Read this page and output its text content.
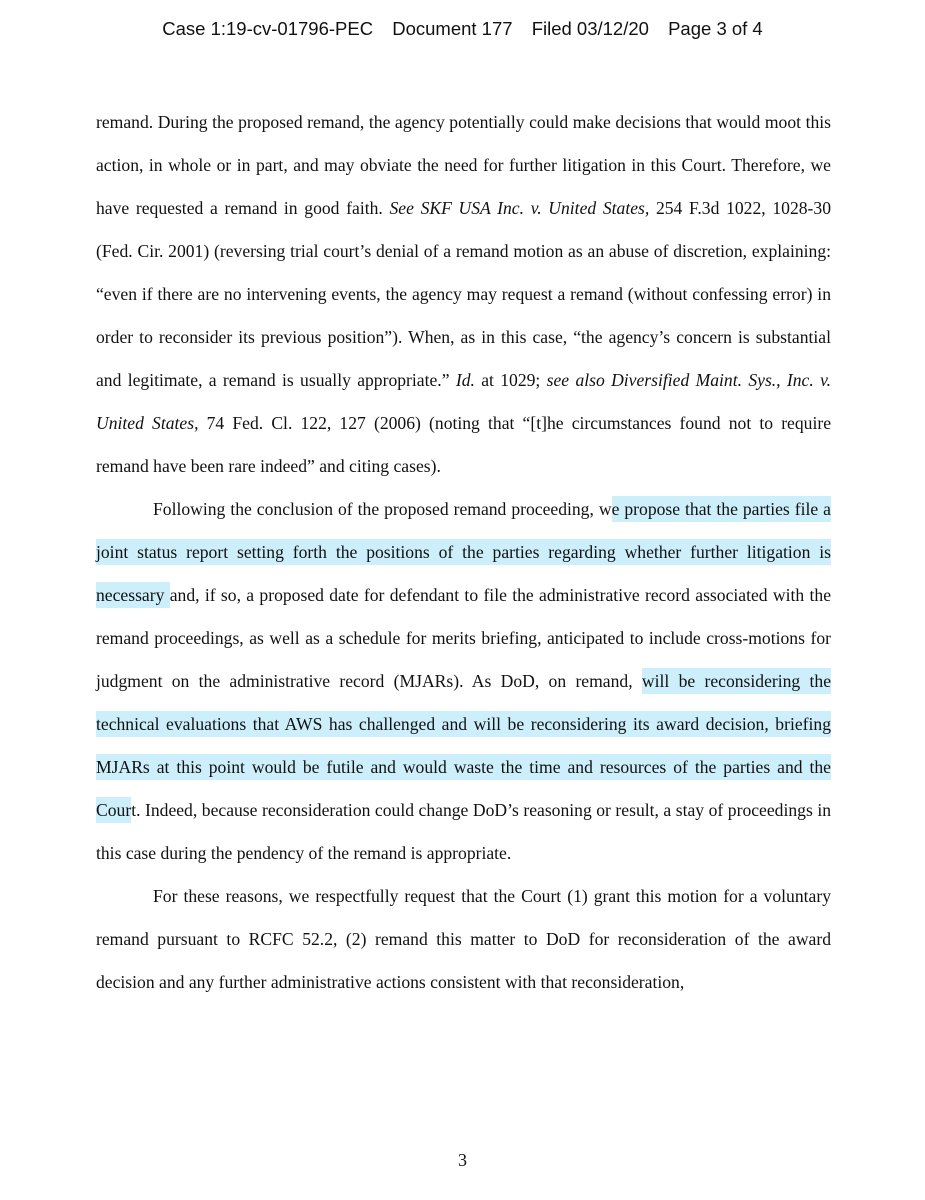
Case 1:19-cv-01796-PEC Document 177 Filed 03/12/20 Page 3 of 4

remand. During the proposed remand, the agency potentially could make decisions that would moot this action, in whole or in part, and may obviate the need for further litigation in this Court. Therefore, we have requested a remand in good faith. See SKF USA Inc. v. United States, 254 F.3d 1022, 1028-30 (Fed. Cir. 2001) (reversing trial court’s denial of a remand motion as an abuse of discretion, explaining: “even if there are no intervening events, the agency may request a remand (without confessing error) in order to reconsider its previous position”). When, as in this case, “the agency’s concern is substantial and legitimate, a remand is usually appropriate.” Id. at 1029; see also Diversified Maint. Sys., Inc. v. United States, 74 Fed. Cl. 122, 127 (2006) (noting that “[t]he circumstances found not to require remand have been rare indeed” and citing cases).

Following the conclusion of the proposed remand proceeding, we propose that the parties file a joint status report setting forth the positions of the parties regarding whether further litigation is necessary and, if so, a proposed date for defendant to file the administrative record associated with the remand proceedings, as well as a schedule for merits briefing, anticipated to include cross-motions for judgment on the administrative record (MJARs). As DoD, on remand, will be reconsidering the technical evaluations that AWS has challenged and will be reconsidering its award decision, briefing MJARs at this point would be futile and would waste the time and resources of the parties and the Court. Indeed, because reconsideration could change DoD’s reasoning or result, a stay of proceedings in this case during the pendency of the remand is appropriate.

For these reasons, we respectfully request that the Court (1) grant this motion for a voluntary remand pursuant to RCFC 52.2, (2) remand this matter to DoD for reconsideration of the award decision and any further administrative actions consistent with that reconsideration,

3
